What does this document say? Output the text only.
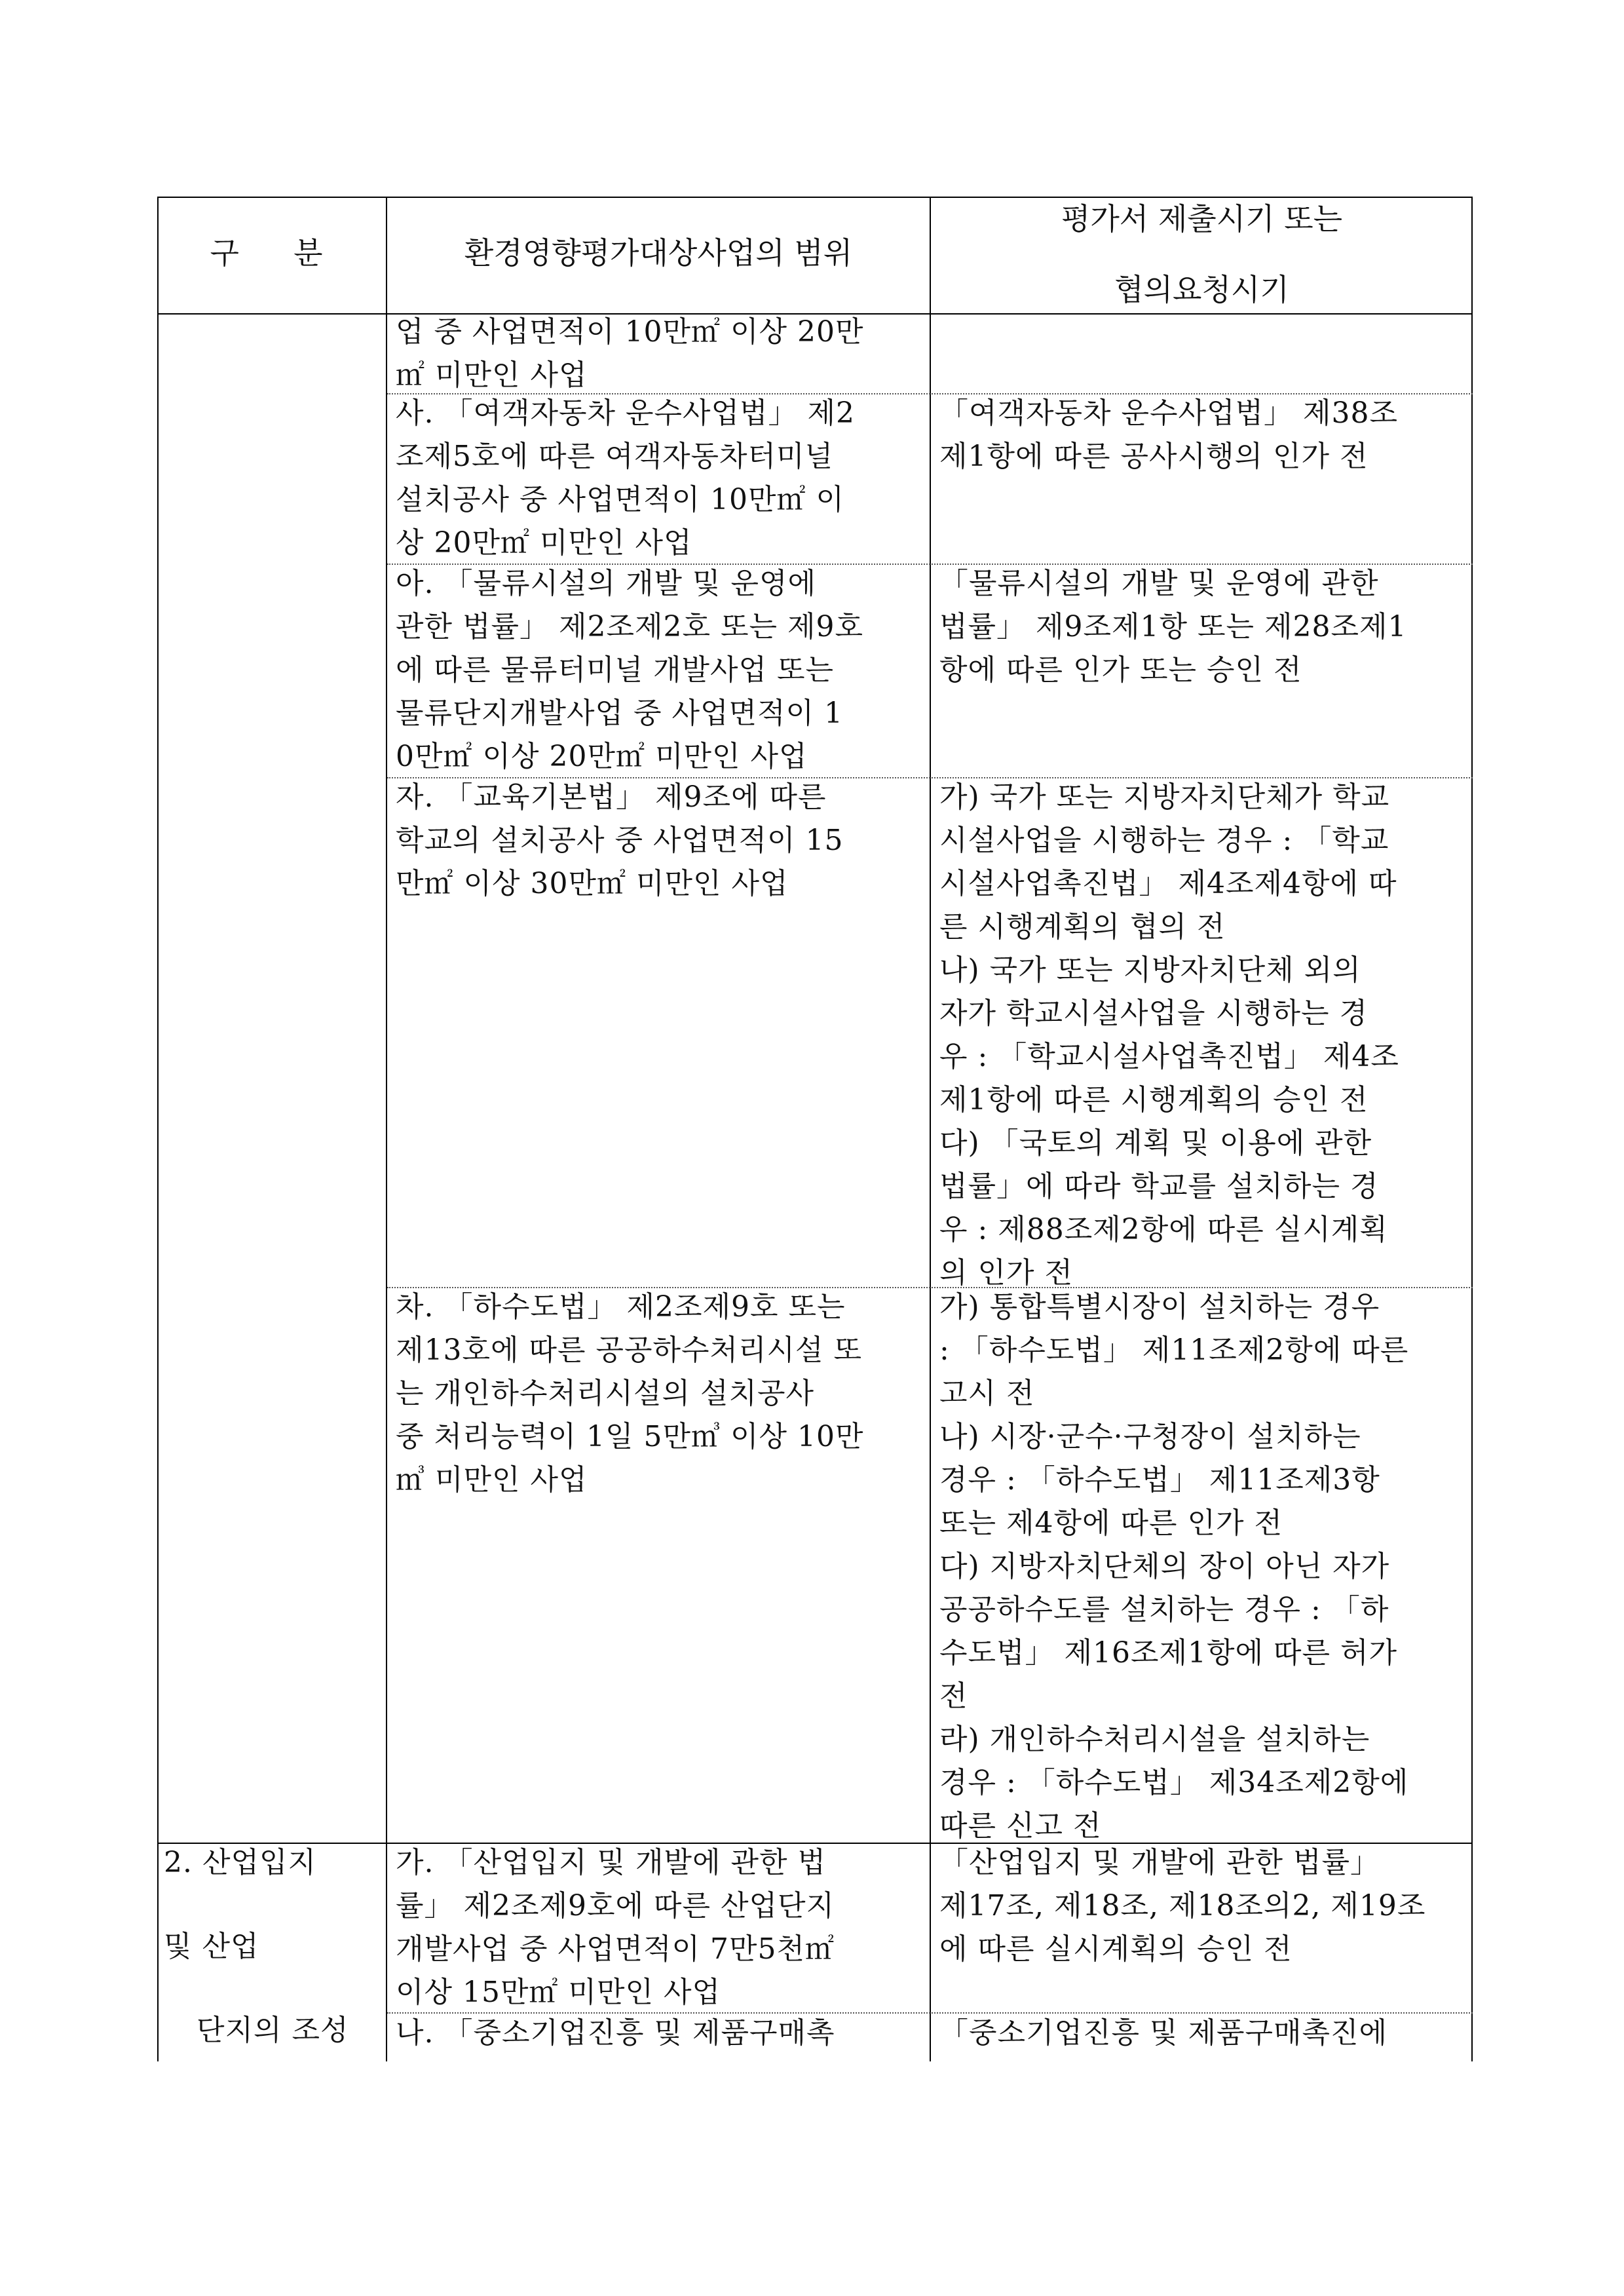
구  분	환경영향평가대상사업의 범위
평가서 제출시기 또는
협의요청시기
업 중 사업면적이 10만㎡ 이상 20만
㎡ 미만인 사업
사. 「여객자동차 운수사업법」 제2
조제5호에 따른 여객자동차터미널
설치공사 중 사업면적이 10만㎡ 이
상 20만㎡ 미만인 사업
「여객자동차 운수사업법」 제38조
제1항에 따른 공사시행의 인가 전
아. 「물류시설의 개발 및 운영에
관한 법률」 제2조제2호 또는 제9호
에 따른 물류터미널 개발사업 또는
물류단지개발사업 중 사업면적이 1
0만㎡ 이상 20만㎡ 미만인 사업
「물류시설의 개발 및 운영에 관한
법률」 제9조제1항 또는 제28조제1
항에 따른 인가 또는 승인 전
자. 「교육기본법」 제9조에 따른
학교의 설치공사 중 사업면적이 15
만㎡ 이상 30만㎡ 미만인 사업
가) 국가 또는 지방자치단체가 학교
시설사업을 시행하는 경우 : 「학교
시설사업촉진법」 제4조제4항에 따
른 시행계획의 협의 전
나) 국가 또는 지방자치단체 외의
자가 학교시설사업을 시행하는 경
우 : 「학교시설사업촉진법」 제4조
제1항에 따른 시행계획의 승인 전
다) 「국토의 계획 및 이용에 관한
법률」에 따라 학교를 설치하는 경
우 : 제88조제2항에 따른 실시계획
의 인가 전
차. 「하수도법」 제2조제9호 또는
제13호에 따른 공공하수처리시설 또
는 개인하수처리시설의 설치공사
중 처리능력이 1일 5만㎥ 이상 10만
㎥ 미만인 사업
가) 통합특별시장이 설치하는 경우
: 「하수도법」 제11조제2항에 따른
고시 전
나) 시장·군수·구청장이 설치하는
경우 : 「하수도법」 제11조제3항
또는 제4항에 따른 인가 전
다) 지방자치단체의 장이 아닌 자가
공공하수도를 설치하는 경우 : 「하
수도법」 제16조제1항에 따른 허가
전
라) 개인하수처리시설을 설치하는
경우 : 「하수도법」 제34조제2항에
따른 신고 전
2. 산업입지
및 산업
단지의 조성
가. 「산업입지 및 개발에 관한 법
률」 제2조제9호에 따른 산업단지
개발사업 중 사업면적이 7만5천㎡
이상 15만㎡ 미만인 사업
「산업입지 및 개발에 관한 법률」
제17조, 제18조, 제18조의2, 제19조
에 따른 실시계획의 승인 전
나. 「중소기업진흥 및 제품구매촉	「중소기업진흥 및 제품구매촉진에
